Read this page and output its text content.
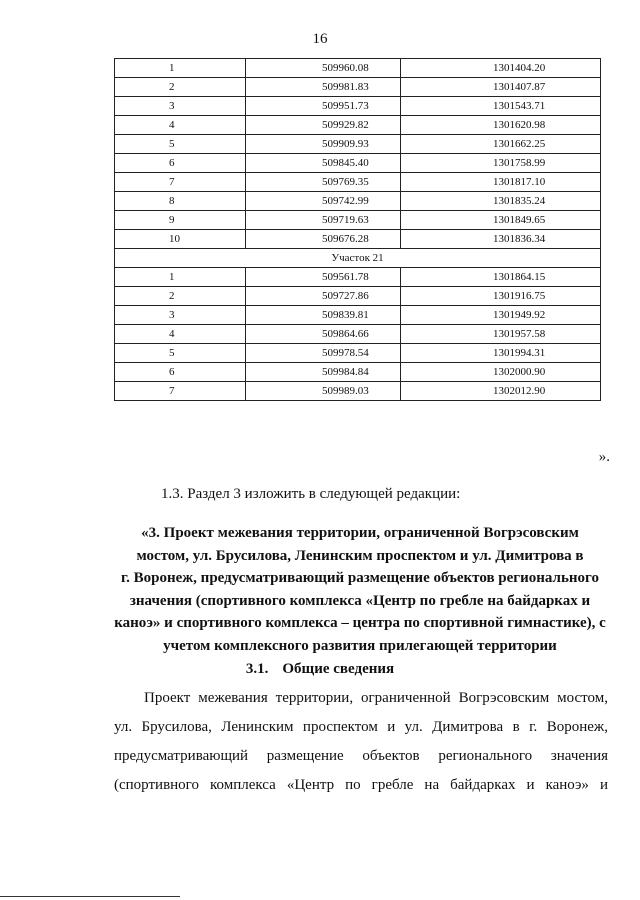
16
1	509960.08	1301404.20
2	509981.83	1301407.87
3	509951.73	1301543.71
4	509929.82	1301620.98
5	509909.93	1301662.25
6	509845.40	1301758.99
7	509769.35	1301817.10
8	509742.99	1301835.24
9	509719.63	1301849.65
10	509676.28	1301836.34
Участок 21		
1	509561.78	1301864.15
2	509727.86	1301916.75
3	509839.81	1301949.92
4	509864.66	1301957.58
5	509978.54	1301994.31
6	509984.84	1302000.90
7	509989.03	1302012.90
».
1.3. Раздел 3 изложить в следующей редакции:
«3. Проект межевания территории, ограниченной Вогрэсовским
мостом, ул. Брусилова, Ленинским проспектом и ул. Димитрова в
г. Воронеж, предусматривающий размещение объектов регионального
значения (спортивного комплекса «Центр по гребле на байдарках и
каноэ» и спортивного комплекса – центра по спортивной гимнастике), с
учетом комплексного развития прилегающей территории
3.1. Общие сведения
Проект межевания территории, ограниченной Вогрэсовским мостом, ул. Брусилова, Ленинским проспектом и ул. Димитрова в г. Воронеж, предусматривающий размещение объектов регионального значения (спортивного комплекса «Центр по гребле на байдарках и каноэ» и
